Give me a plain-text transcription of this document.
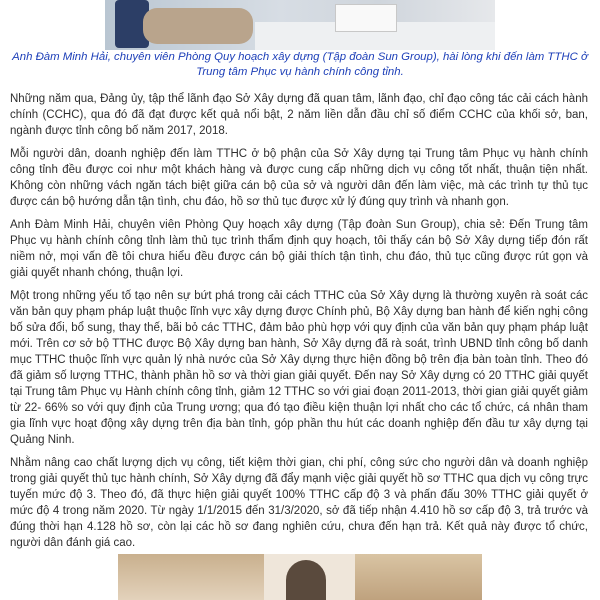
Anh Đàm Minh Hải, chuyên viên Phòng Quy hoạch xây dựng (Tập đoàn Sun Group), hài lòng khi đến làm TTHC ở Trung tâm Phục vụ hành chính công tỉnh.

Những năm qua, Đảng ủy, tập thể lãnh đạo Sở Xây dựng đã quan tâm, lãnh đạo, chỉ đạo công tác cải cách hành chính (CCHC), qua đó đã đạt được kết quả nổi bật, 2 năm liền dẫn đầu chỉ số điểm CCHC của khối sở, ban, ngành được tỉnh công bố năm 2017, 2018.

Mỗi người dân, doanh nghiệp đến làm TTHC ở bộ phận của Sở Xây dựng tại Trung tâm Phục vụ hành chính công tỉnh đều được coi như một khách hàng và được cung cấp những dịch vụ công tốt nhất, thuận tiện nhất. Không còn những vách ngăn tách biệt giữa cán bộ của sở và người dân đến làm việc, mà các trình tự thủ tục được cán bộ hướng dẫn tận tình, chu đáo, hồ sơ thủ tục được xử lý đúng quy trình và nhanh gọn.

Anh Đàm Minh Hải, chuyên viên Phòng Quy hoạch xây dựng (Tập đoàn Sun Group), chia sẻ: Đến Trung tâm Phục vụ hành chính công tỉnh làm thủ tục trình thẩm định quy hoạch, tôi thấy cán bộ Sở Xây dựng tiếp đón rất niềm nở, mọi vấn đề tôi chưa hiểu đều được cán bộ giải thích tận tình, chu đáo, thủ tục cũng được rút gọn và giải quyết nhanh chóng, thuận lợi.

Một trong những yếu tố tạo nên sự bứt phá trong cải cách TTHC của Sở Xây dựng là thường xuyên rà soát các văn bản quy phạm pháp luật thuộc lĩnh vực xây dựng được Chính phủ, Bộ Xây dựng ban hành để kiến nghị công bố sửa đổi, bổ sung, thay thế, bãi bỏ các TTHC, đảm bảo phù hợp với quy định của văn bản quy phạm pháp luật mới. Trên cơ sở bộ TTHC được Bộ Xây dựng ban hành, Sở Xây dựng đã rà soát, trình UBND tỉnh công bố danh mục TTHC thuộc lĩnh vực quản lý nhà nước của Sở Xây dựng thực hiện đồng bộ trên địa bàn toàn tỉnh. Theo đó đã giảm số lượng TTHC, thành phần hồ sơ và thời gian giải quyết. Đến nay Sở Xây dựng có 20 TTHC giải quyết tại Trung tâm Phục vụ Hành chính công tỉnh, giảm 12 TTHC so với giai đoạn 2011-2013, thời gian giải quyết giảm từ 22- 66% so với quy định của Trung ương; qua đó tạo điều kiện thuận lợi nhất cho các tổ chức, cá nhân tham gia lĩnh vực hoạt động xây dựng trên địa bàn tỉnh, góp phần thu hút các doanh nghiệp đến đầu tư xây dựng tại Quảng Ninh.

Nhằm nâng cao chất lượng dịch vụ công, tiết kiệm thời gian, chi phí, công sức cho người dân và doanh nghiệp trong giải quyết thủ tục hành chính, Sở Xây dựng đã đẩy mạnh việc giải quyết hồ sơ TTHC qua dịch vụ công trực tuyến mức độ 3. Theo đó, đã thực hiện giải quyết 100% TTHC cấp độ 3 và phấn đấu 30% TTHC giải quyết ở mức độ 4 trong năm 2020. Từ ngày 1/1/2015 đến 31/3/2020, sở đã tiếp nhận 4.410 hồ sơ cấp độ 3, trả trước và đúng thời hạn 4.128 hồ sơ, còn lại các hồ sơ đang nghiên cứu, chưa đến hạn trả. Kết quả này được tổ chức, người dân đánh giá cao.
